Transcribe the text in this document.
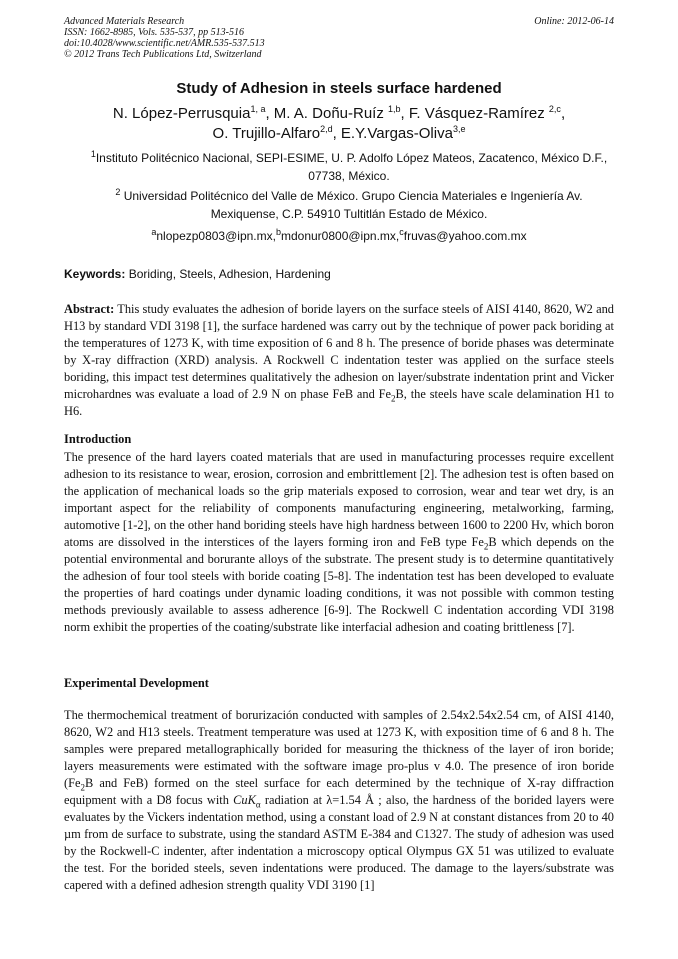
Advanced Materials Research
ISSN: 1662-8985, Vols. 535-537, pp 513-516
doi:10.4028/www.scientific.net/AMR.535-537.513
© 2012 Trans Tech Publications Ltd, Switzerland
Online: 2012-06-14
Study of Adhesion in steels surface hardened
N. López-Perrusquia$^{1, a}$, M. A. Doñu-Ruíz $^{1,b}$, F. Vásquez-Ramírez $^{2,c}$,
O. Trujillo-Alfaro$^{2,d}$, E.Y.Vargas-Oliva$^{3,e}$
$^1$Instituto Politécnico Nacional, SEPI-ESIME, U. P. Adolfo López Mateos, Zacatenco, México D.F., 07738, México.
$^2$ Universidad Politécnico del Valle de México. Grupo Ciencia Materiales e Ingeniería Av. Mexiquense, C.P. 54910 Tultitlán Estado de México.
$^a$nlopezp0803@ipn.mx,$^b$mdonur0800@ipn.mx,$^c$fruvas@yahoo.com.mx
Keywords: Boriding, Steels, Adhesion, Hardening
Abstract: This study evaluates the adhesion of boride layers on the surface steels of AISI 4140, 8620, W2 and H13 by standard VDI 3198 [1], the surface hardened was carry out by the technique of power pack boriding at the temperatures of 1273 K, with time exposition of 6 and 8 h. The presence of boride phases was determinate by X-ray diffraction (XRD) analysis. A Rockwell C indentation tester was applied on the surface steels boriding, this impact test determines qualitatively the adhesion on layer/substrate indentation print and Vicker microhardnes was evaluate a load of 2.9 N on phase FeB and $Fe_2B$, the steels have scale delamination H1 to H6.
Introduction
The presence of the hard layers coated materials that are used in manufacturing processes require excellent adhesion to its resistance to wear, erosion, corrosion and embrittlement [2]. The adhesion test is often based on the application of mechanical loads so the grip materials exposed to corrosion, wear and tear wet dry, is an important aspect for the reliability of components manufacturing engineering, metalworking, farming, automotive [1-2], on the other hand boriding steels have high hardness between 1600 to 2200 Hv, which boron atoms are dissolved in the interstices of the layers forming iron and FeB type $Fe_2B$ which depends on the potential environmental and borurante alloys of the substrate. The present study is to determine quantitatively the adhesion of four tool steels with boride coating [5-8]. The indentation test has been developed to evaluate the properties of hard coatings under dynamic loading conditions, it was not possible with common testing methods previously available to assess adherence [6-9]. The Rockwell C indentation according VDI 3198 norm exhibit the properties of the coating/substrate like interfacial adhesion and coating brittleness [7].
Experimental Development
The thermochemical treatment of borurización conducted with samples of 2.54x2.54x2.54 cm, of AISI 4140, 8620, W2 and H13 steels. Treatment temperature was used at 1273 K, with exposition time of 6 and 8 h. The samples were prepared metallographically borided for measuring the thickness of the layer of iron boride; layers measurements were estimated with the software image pro-plus v 4.0. The presence of iron boride ($Fe_2B$ and FeB) formed on the steel surface for each determined by the technique of X-ray diffraction equipment with a D8 focus with CuK$_\alpha$ radiation at λ=1.54 Å ; also, the hardness of the borided layers were evaluates by the Vickers indentation method, using a constant load of 2.9 N at constant distances from 20 to 40 µm from de surface to substrate, using the standard ASTM E-384 and C1327. The study of adhesion was used by the Rockwell-C indenter, after indentation a microscopy optical Olympus GX 51 was utilized to evaluate the test. For the borided steels, seven indentations were produced. The damage to the layers/substrate was capered with a defined adhesion strength quality VDI 3190 [1]
